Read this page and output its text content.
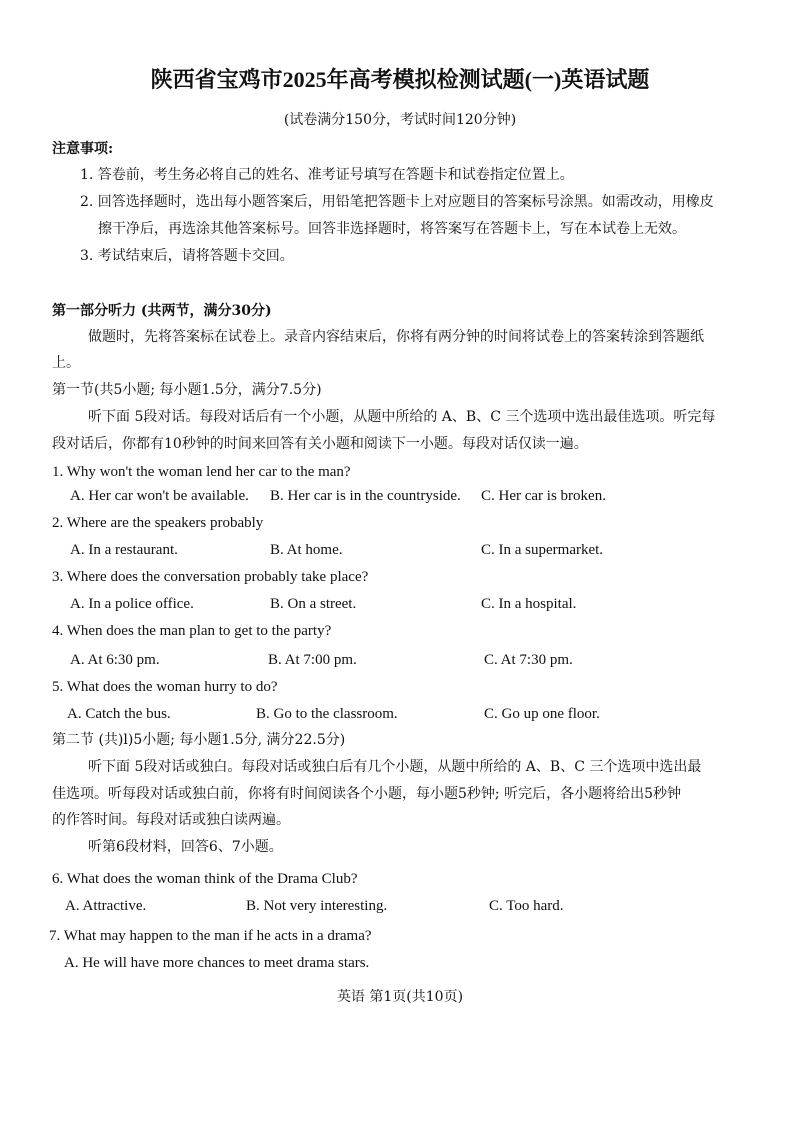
陕西省宝鸡市2025年高考模拟检测试题(一)英语试题
(试卷满分150分，考试时间120分钟)
注意事项:
1. 答卷前，考生务必将自己的姓名、准考证号填写在答题卡和试卷指定位置上。
2. 回答选择题时，选出每小题答案后，用铅笔把答题卡上对应题目的答案标号涂黑。如需改动，用橡皮
擦干净后，再选涂其他答案标号。回答非选择题时，将答案写在答题卡上，写在本试卷上无效。
3. 考试结束后，请将答题卡交回。
第一部分听力 (共两节，满分30分)
做题时，先将答案标在试卷上。录音内容结束后，你将有两分钟的时间将试卷上的答案转涂到答题纸
上。
第一节(共5小题; 每小题1.5分，满分7.5分)
听下面 5段对话。每段对话后有一个小题，从题中所给的 A、B、C 三个选项中选出最佳选项。听完每
段对话后，你都有10秒钟的时间来回答有关小题和阅读下一小题。每段对话仅读一遍。
1. Why won't the woman lend her car to the man?
A. Her car won't be available. B. Her car is in the countryside. C. Her car is broken.
2. Where are the speakers probably
A. In a restaurant.	B. At home.	C. In a supermarket.
3. Where does the conversation probably take place?
A. In a police office.	B. On a street.	C. In a hospital.
4. When does the man plan to get to the party?
A. At 6:30 pm.	B. At 7:00 pm.	C. At 7:30 pm.
5. What does the woman hurry to do?
A. Catch the bus.	B. Go to the classroom.	C. Go up one floor.
第二节 (共)l)5小题; 每小题1.5分, 满分22.5分)
听下面 5段对话或独白。每段对话或独白后有几个小题，从题中所给的 A、B、C 三个选项中选出最
佳选项。听每段对话或独白前，你将有时间阅读各个小题，每小题5秒钟; 听完后，各小题将给出5秒钟
的作答时间。每段对话或独白读两遍。
听第6段材料，回答6、7小题。
6. What does the woman think of the Drama Club?
A. Attractive.	B. Not very interesting.	C. Too hard.
7. What may happen to the man if he acts in a drama?
A. He will have more chances to meet drama stars.
英语 第1页(共10页)
